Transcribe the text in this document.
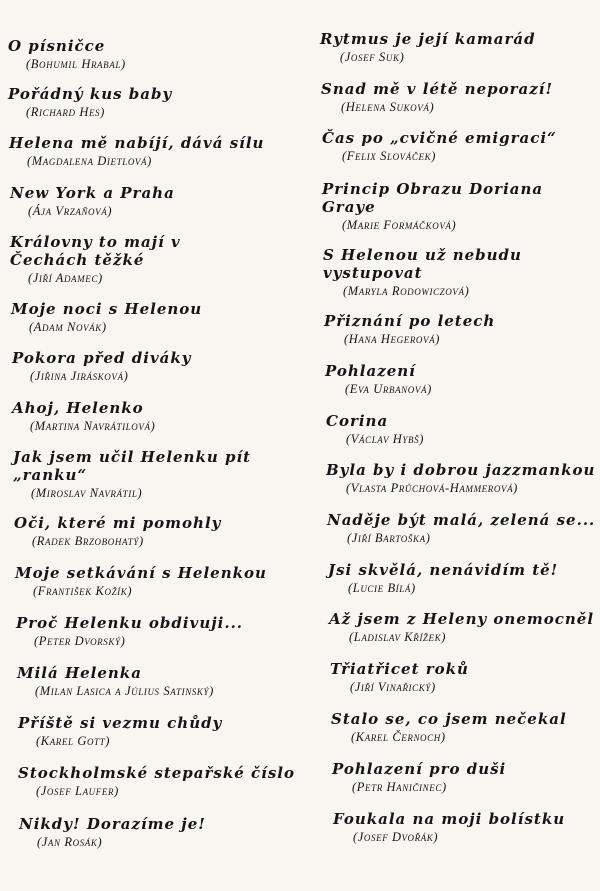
O písničce

( Bohumil Hrabal )

Pořádný kus baby

( Richard Hes )

Helena mě nabíjí, dává sílu

( Magdalena Dietlová )

New York a Praha

( Ája Vrzaňová )

Královny to mají v Čechách těžké

( Jiří Adamec )

Moje noci s Helenou

( Adam Novák )

Pokora před diváky

( Jiřina Jirásková )

Ahoj, Helenko

( Martina Navrátilová )

Jak jsem učil Helenku pít „ranku“

( Miroslav Navrátil )

Oči, které mi pomohly

( Radek Brzobohatý )

Moje setkávání s Helenkou

( František Kožík )

Proč Helenku obdivuji...

( Peter Dvorský )

Milá Helenka

( Milan Lasica a Július Satinský )

Příště si vezmu chůdy

( Karel Gott )

Stockholmské stepařské číslo

( Josef Laufer )

Nikdy! Dorazíme je!

( Jan Rosák )

Rytmus je její kamarád

( Josef Suk )

Snad mě v létě neporazí!

( Helena Suková )

Čas po „cvičné emigraci“

( Felix Slováček )

Princip Obrazu Doriana Graye

( Marie Formáčková )

S Helenou už nebudu vystupovat

( Maryla Rodowiczová )

Přiznání po letech

( Hana Hegerová )

Pohlazení

( Eva Urbanová )

Corina

( Václav Hybš )

Byla by i dobrou jazzmankou

( Vlasta Průchová-Hammerová )

Naděje být malá, zelená se...

( Jiří Bartoška )

Jsi skvělá, nenávidím tě!

( Lucie Bílá )

Až jsem z Heleny onemocněl

( Ladislav Křížek )

Třiatřicet roků

( Jiří Vinařický )

Stalo se, co jsem nečekal

( Karel Černoch )

Pohlazení pro duši

( Petr Haničinec )

Foukala na moji bolístku

( Josef Dvořák )
